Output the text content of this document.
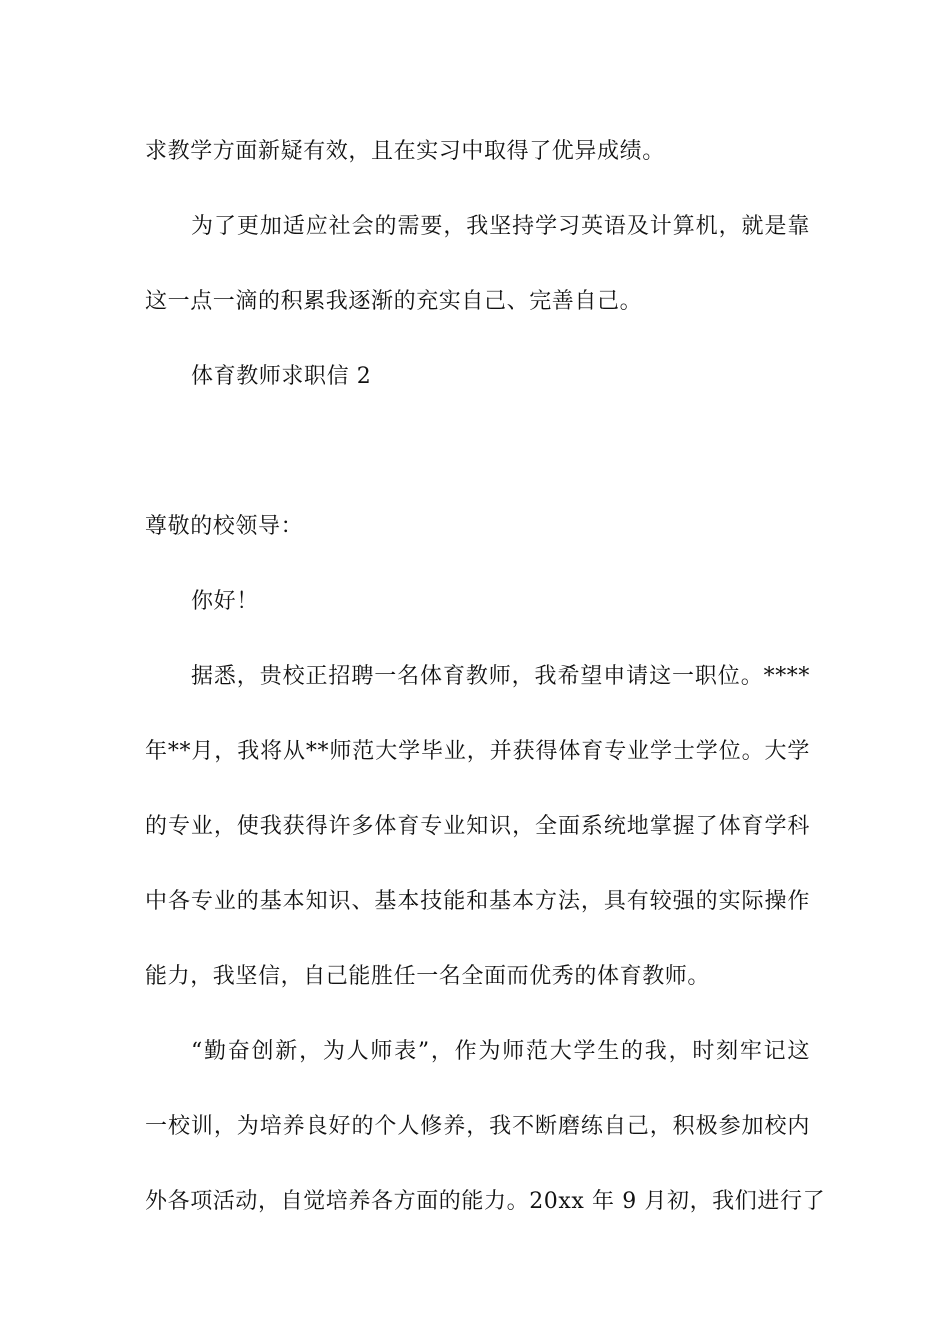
求教学方面新疑有效，且在实习中取得了优异成绩。
为了更加适应社会的需要，我坚持学习英语及计算机，就是靠
这一点一滴的积累我逐渐的充实自己、完善自己。
体育教师求职信 2
尊敬的校领导：
你好！
据悉，贵校正招聘一名体育教师，我希望申请这一职位。****
年**月，我将从**师范大学毕业，并获得体育专业学士学位。大学
的专业，使我获得许多体育专业知识，全面系统地掌握了体育学科
中各专业的基本知识、基本技能和基本方法，具有较强的实际操作
能力，我坚信，自己能胜任一名全面而优秀的体育教师。
“勤奋创新，为人师表”，作为师范大学生的我，时刻牢记这
一校训，为培养良好的个人修养，我不断磨练自己，积极参加校内
外各项活动，自觉培养各方面的能力。20xx 年 9 月初，我们进行了
